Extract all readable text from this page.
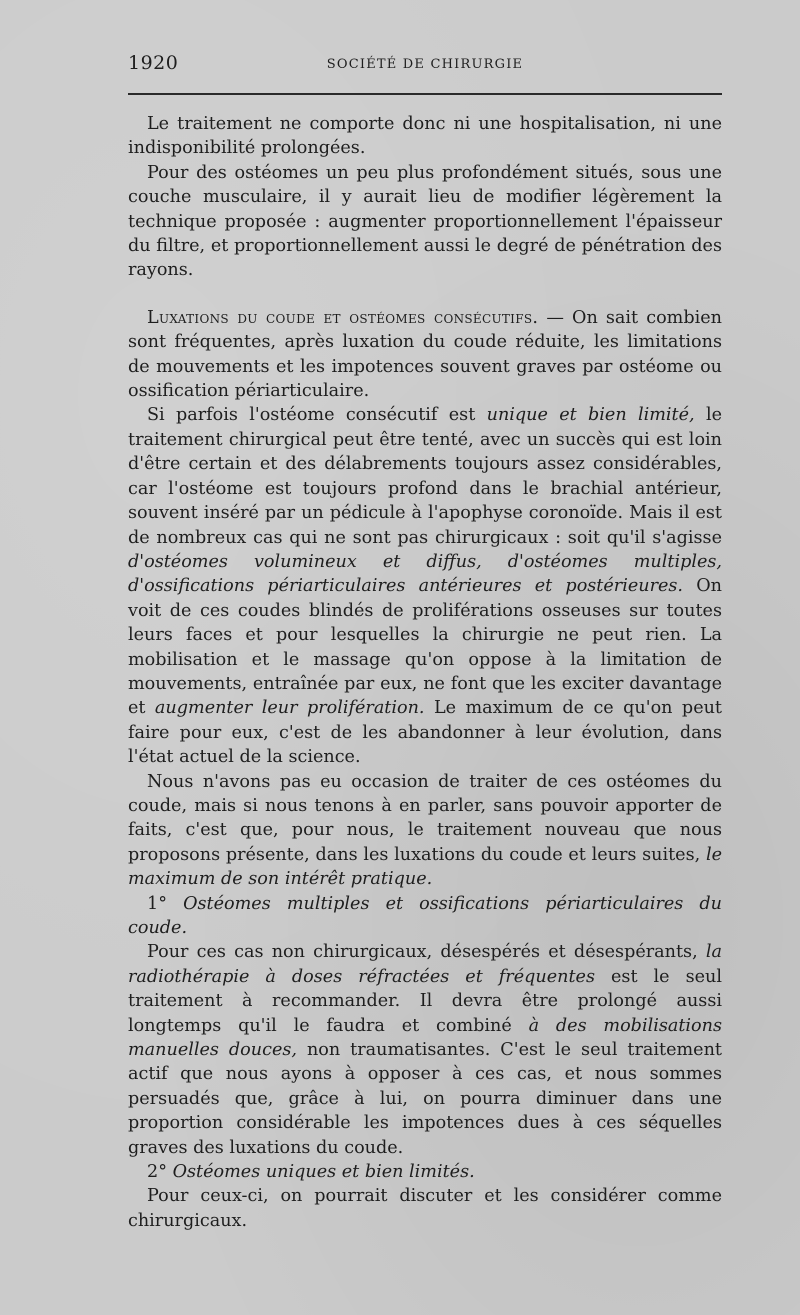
1920	SOCIÉTÉ DE CHIRURGIE

Le traitement ne comporte donc ni une hospitalisation, ni une indisponibilité prolongées.

Pour des ostéomes un peu plus profondément situés, sous une couche musculaire, il y aurait lieu de modifier légèrement la technique proposée : augmenter proportionnellement l'épaisseur du filtre, et proportionnellement aussi le degré de pénétration des rayons.

Luxations du coude et ostéomes consécutifs. — On sait combien sont fréquentes, après luxation du coude réduite, les limitations de mouvements et les impotences souvent graves par ostéome ou ossification périarticulaire.

Si parfois l'ostéome consécutif est unique et bien limité, le traitement chirurgical peut être tenté, avec un succès qui est loin d'être certain et des délabrements toujours assez considérables, car l'ostéome est toujours profond dans le brachial antérieur, souvent inséré par un pédicule à l'apophyse coronoïde. Mais il est de nombreux cas qui ne sont pas chirurgicaux : soit qu'il s'agisse d'ostéomes volumineux et diffus, d'ostéomes multiples, d'ossifications périarticulaires antérieures et postérieures. On voit de ces coudes blindés de proliférations osseuses sur toutes leurs faces et pour lesquelles la chirurgie ne peut rien. La mobilisation et le massage qu'on oppose à la limitation de mouvements, entraînée par eux, ne font que les exciter davantage et augmenter leur prolifération. Le maximum de ce qu'on peut faire pour eux, c'est de les abandonner à leur évolution, dans l'état actuel de la science.

Nous n'avons pas eu occasion de traiter de ces ostéomes du coude, mais si nous tenons à en parler, sans pouvoir apporter de faits, c'est que, pour nous, le traitement nouveau que nous proposons présente, dans les luxations du coude et leurs suites, le maximum de son intérêt pratique.

1° Ostéomes multiples et ossifications périarticulaires du coude.

Pour ces cas non chirurgicaux, désespérés et désespérants, la radiothérapie à doses réfractées et fréquentes est le seul traitement à recommander. Il devra être prolongé aussi longtemps qu'il le faudra et combiné à des mobilisations manuelles douces, non traumatisantes. C'est le seul traitement actif que nous ayons à opposer à ces cas, et nous sommes persuadés que, grâce à lui, on pourra diminuer dans une proportion considérable les impotences dues à ces séquelles graves des luxations du coude.

2° Ostéomes uniques et bien limités.

Pour ceux-ci, on pourrait discuter et les considérer comme chirurgicaux.
